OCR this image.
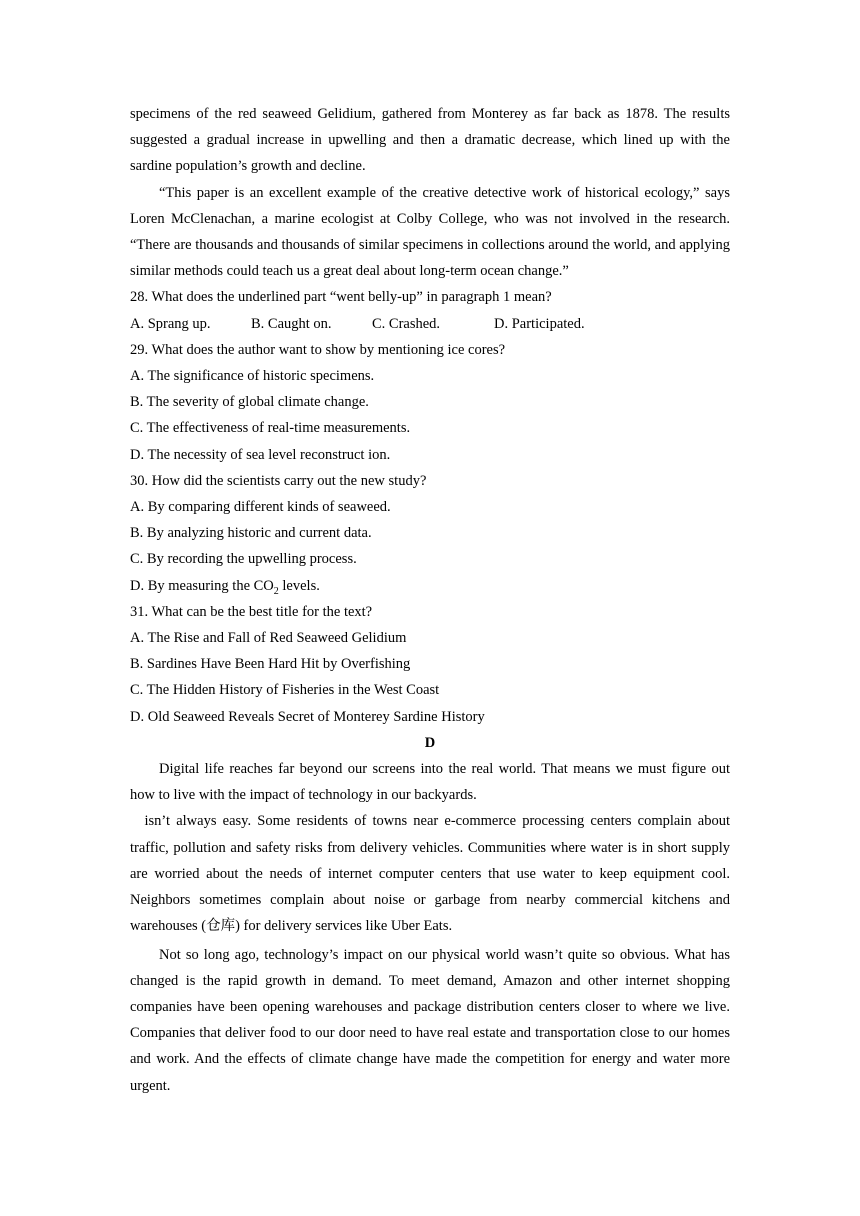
specimens of the red seaweed Gelidium, gathered from Monterey as far back as 1878. The results suggested a gradual increase in upwelling and then a dramatic decrease, which lined up with the sardine population’s growth and decline.

“This paper is an excellent example of the creative detective work of historical ecology,” says Loren McClenachan, a marine ecologist at Colby College, who was not involved in the research. “There are thousands and thousands of similar specimens in collections around the world, and applying similar methods could teach us a great deal about long-term ocean change.”

28. What does the underlined part “went belly-up” in paragraph 1 mean?

A. Sprang up.	B. Caught on.	C. Crashed.	D. Participated.

29. What does the author want to show by mentioning ice cores?

A. The significance of historic specimens.

B. The severity of global climate change.

C. The effectiveness of real-time measurements.

D. The necessity of sea level reconstruct ion.

30. How did the scientists carry out the new study?

A. By comparing different kinds of seaweed.

B. By analyzing historic and current data.

C. By recording the upwelling process.

D. By measuring the $CO_2$ levels.

31. What can be the best title for the text?

A. The Rise and Fall of Red Seaweed Gelidium

B. Sardines Have Been Hard Hit by Overfishing

C. The Hidden History of Fisheries in the West Coast

D. Old Seaweed Reveals Secret of Monterey Sardine History

D

Digital life reaches far beyond our screens into the real world. That means we must figure out how to live with the impact of technology in our backyards.

isn’t always easy. Some residents of towns near e-commerce processing centers complain about traffic, pollution and safety risks from delivery vehicles. Communities where water is in short supply are worried about the needs of internet computer centers that use water to keep equipment cool. Neighbors sometimes complain about noise or garbage from nearby commercial kitchens and warehouses (仓库) for delivery services like Uber Eats.

Not so long ago, technology’s impact on our physical world wasn’t quite so obvious. What has changed is the rapid growth in demand. To meet demand, Amazon and other internet shopping companies have been opening warehouses and package distribution centers closer to where we live. Companies that deliver food to our door need to have real estate and transportation close to our homes and work. And the effects of climate change have made the competition for energy and water more urgent.
